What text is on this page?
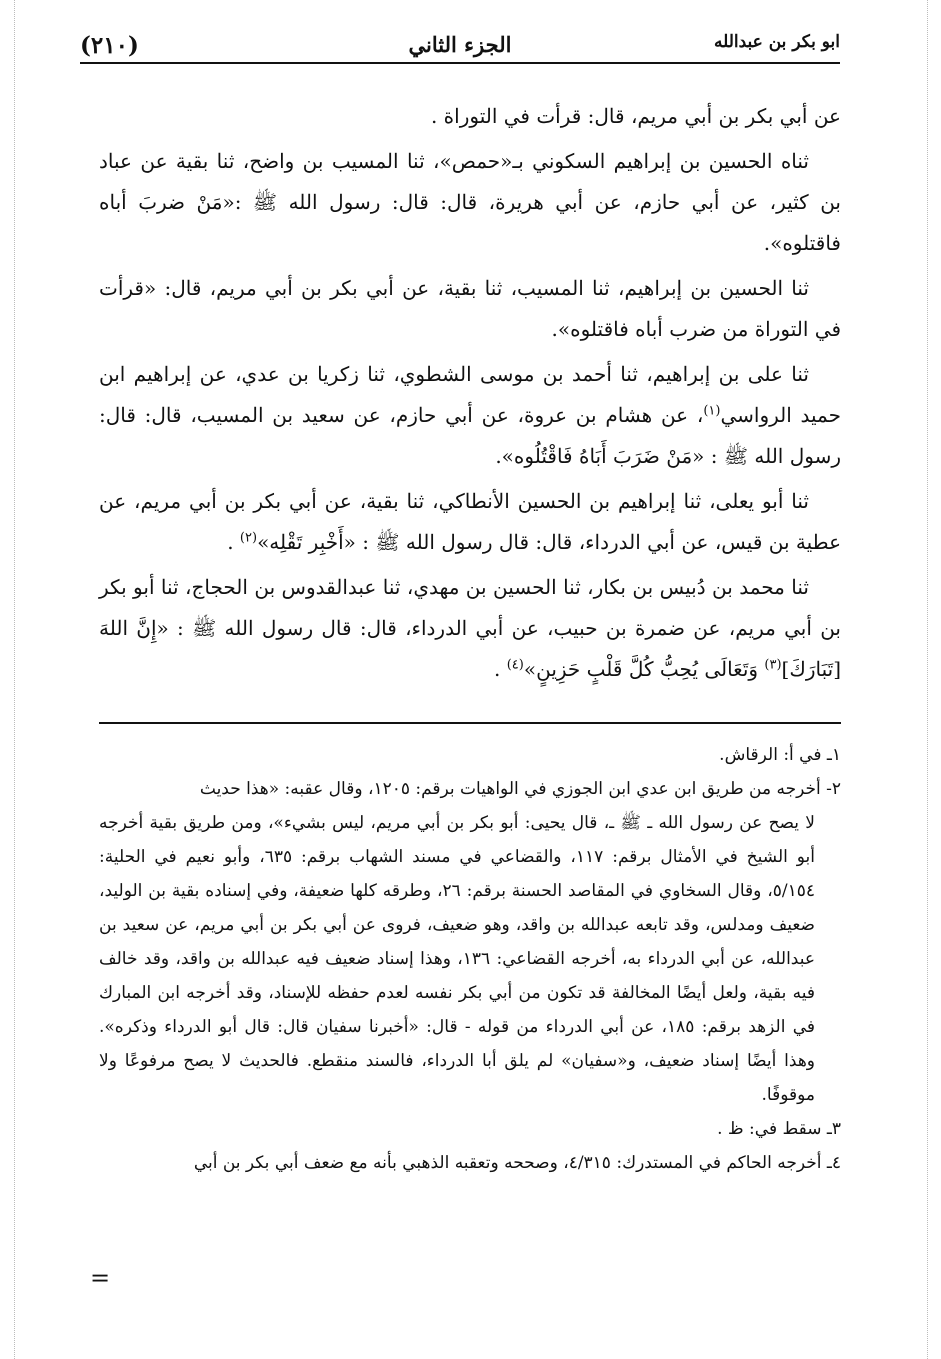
ابو بكر بن عبدالله
الجزء الثاني
(٢١٠)

عن أبي بكر بن أبي مريم، قال: قرأت في التوراة .

ثناه الحسين بن إبراهيم السكوني بـ«حمص»، ثنا المسيب بن واضح، ثنا بقية عن عباد بن كثير، عن أبي حازم، عن أبي هريرة، قال: قال: رسول الله ﷺ :«مَنْ ضربَ أباه فاقتلوه».

ثنا الحسين بن إبراهيم، ثنا المسيب، ثنا بقية، عن أبي بكر بن أبي مريم، قال: «قرأت في التوراة من ضرب أباه فاقتلوه».

ثنا على بن إبراهيم، ثنا أحمد بن موسى الشطوي، ثنا زكريا بن عدي، عن إبراهيم ابن حميد الرواسي$^{(١)}$، عن هشام بن عروة، عن أبي حازم، عن سعيد بن المسيب، قال: قال: رسول الله ﷺ : «مَنْ ضَرَبَ أَبَاهُ فَاقْتُلُوه».

ثنا أبو يعلى، ثنا إبراهيم بن الحسين الأنطاكي، ثنا بقية، عن أبي بكر بن أبي مريم، عن عطية بن قيس، عن أبي الدرداء، قال: قال رسول الله ﷺ : «أَخْبِر تَقْلِه»$^{(٢)}$ .

ثنا محمد بن دُبيس بن بكار، ثنا الحسين بن مهدي، ثنا عبدالقدوس بن الحجاج، ثنا أبو بكر بن أبي مريم، عن ضمرة بن حبيب، عن أبي الدرداء، قال: قال رسول الله ﷺ : «إِنَّ اللهَ [تَبَارَكَ]$^{(٣)}$ وَتَعَالَى يُحِبُّ كُلَّ قَلْبٍ حَزِينٍ»$^{(٤)}$ .

١ـ في أ: الرقاش.

٢- أخرجه من طريق ابن عدي ابن الجوزي في الواهيات برقم: ١٢٠٥، وقال عقبه: «هذا حديث

لا يصح عن رسول الله ـ ﷺ ـ، قال يحيى: أبو بكر بن أبي مريم، ليس بشيء»، ومن طريق بقية أخرجه أبو الشيخ في الأمثال برقم: ١١٧، والقضاعي في مسند الشهاب برقم: ٦٣٥، وأبو نعيم في الحلية: ٥/١٥٤، وقال السخاوي في المقاصد الحسنة برقم: ٢٦، وطرقه كلها ضعيفة، وفي إسناده بقية بن الوليد، ضعيف ومدلس، وقد تابعه عبدالله بن واقد، وهو ضعيف، فروى عن أبي بكر بن أبي مريم، عن سعيد بن عبدالله، عن أبي الدرداء به، أخرجه القضاعي: ١٣٦، وهذا إسناد ضعيف فيه عبدالله بن واقد، وقد خالف فيه بقية، ولعل أيضًا المخالفة قد تكون من أبي بكر نفسه لعدم حفظه للإسناد، وقد أخرجه ابن المبارك في الزهد برقم: ١٨٥، عن أبي الدرداء من قوله - قال: «أخبرنا سفيان قال: قال أبو الدرداء وذكره». وهذا أيضًا إسناد ضعيف، و«سفيان» لم يلق أبا الدرداء، فالسند منقطع. فالحديث لا يصح مرفوعًا ولا موقوفًا.

٣ـ سقط في: ظ .

٤ـ أخرجه الحاكم في المستدرك: ٤/٣١٥، وصححه وتعقبه الذهبي بأنه مع ضعف أبي بكر بن أبي

=
